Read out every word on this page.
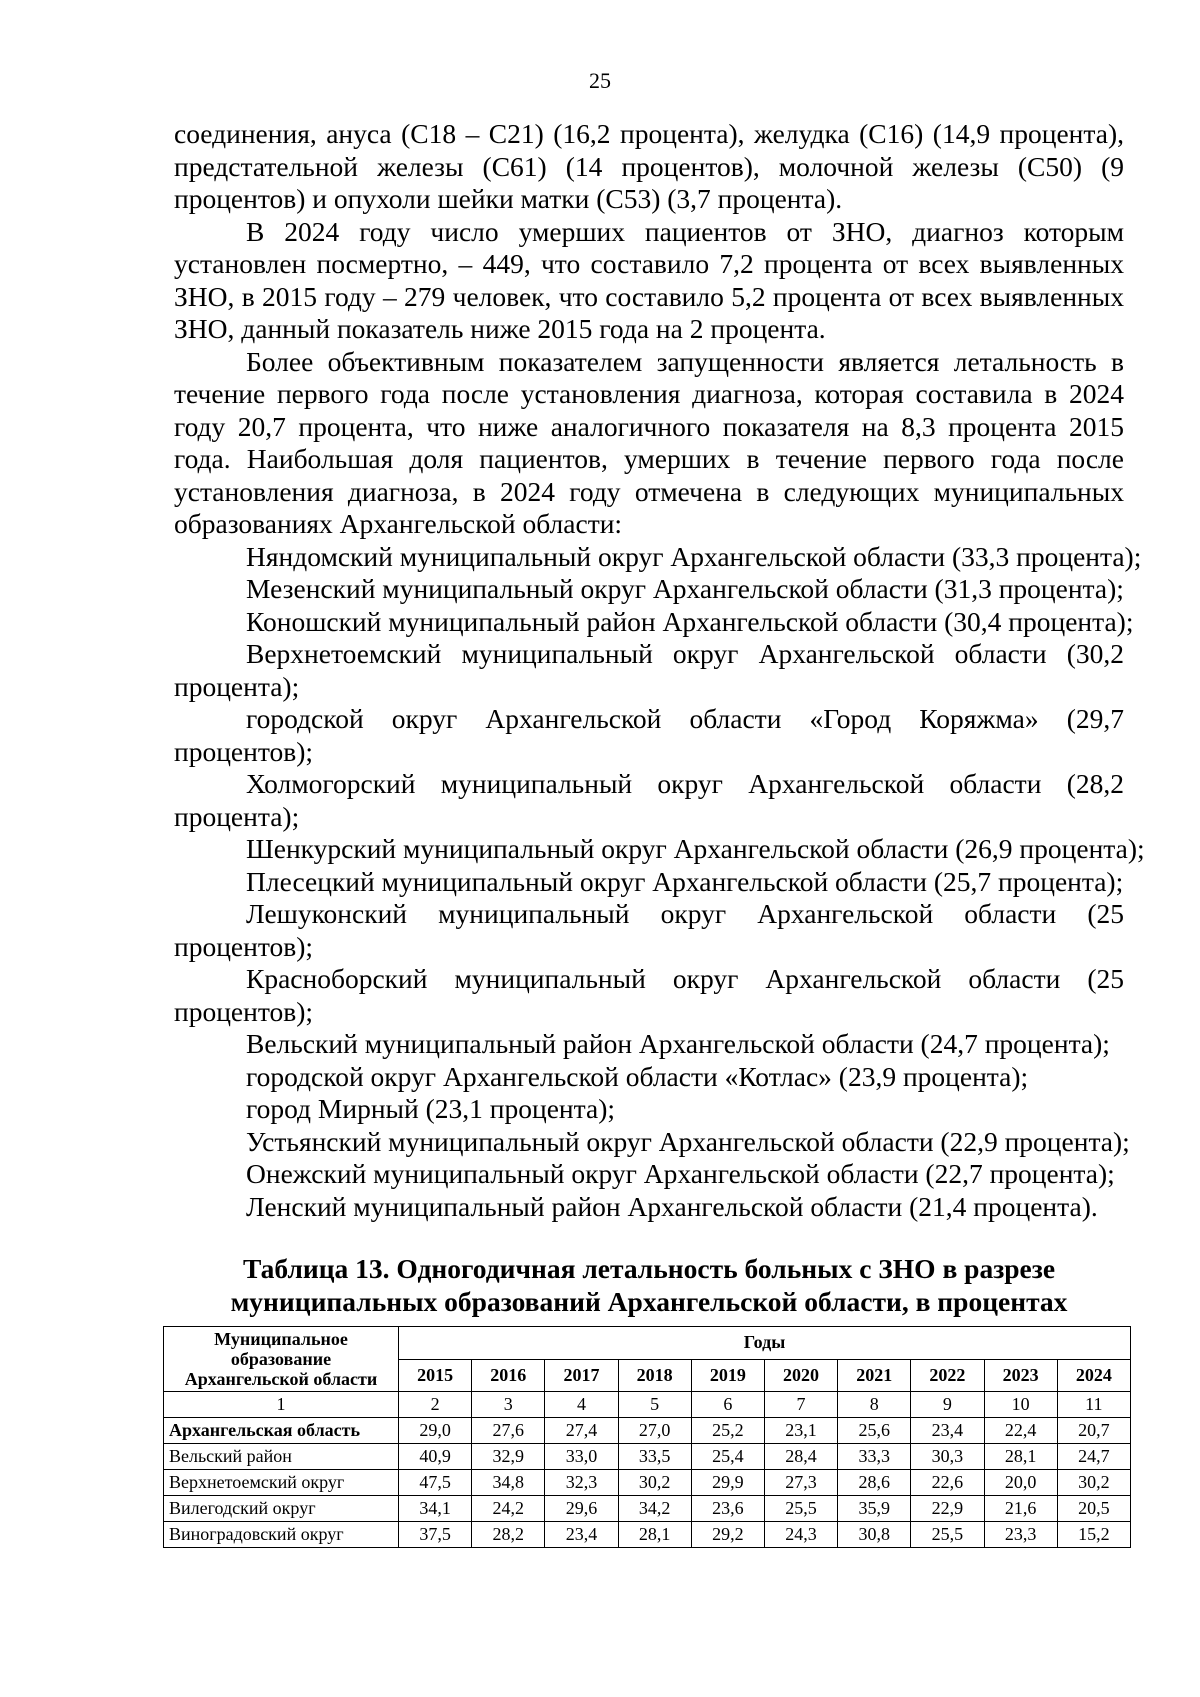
25

соединения, ануса (С18 – С21) (16,2 процента), желудка (С16) (14,9 процента), предстательной железы (С61) (14 процентов), молочной железы (С50) (9 процентов) и опухоли шейки матки (С53) (3,7 процента).

В 2024 году число умерших пациентов от ЗНО, диагноз которым установлен посмертно, – 449, что составило 7,2 процента от всех выявленных ЗНО, в 2015 году – 279 человек, что составило 5,2 процента от всех выявленных ЗНО, данный показатель ниже 2015 года на 2 процента.

Более объективным показателем запущенности является летальность в течение первого года после установления диагноза, которая составила в 2024 году 20,7 процента, что ниже аналогичного показателя на 8,3 процента 2015 года. Наибольшая доля пациентов, умерших в течение первого года после установления диагноза, в 2024 году отмечена в следующих муниципальных образованиях Архангельской области:

Няндомский муниципальный округ Архангельской области (33,3 процента);

Мезенский муниципальный округ Архангельской области (31,3 процента);

Коношский муниципальный район Архангельской области (30,4 процента);

Верхнетоемский муниципальный округ Архангельской области (30,2 процента);

городской округ Архангельской области «Город Коряжма» (29,7 процентов);

Холмогорский муниципальный округ Архангельской области (28,2 процента);

Шенкурский муниципальный округ Архангельской области (26,9 процента);

Плесецкий муниципальный округ Архангельской области (25,7 процента);

Лешуконский муниципальный округ Архангельской области (25 процентов);

Красноборский муниципальный округ Архангельской области (25 процентов);

Вельский муниципальный район Архангельской области (24,7 процента);

городской округ Архангельской области «Котлас» (23,9 процента);

город Мирный (23,1 процента);

Устьянский муниципальный округ Архангельской области (22,9 процента);

Онежский муниципальный округ Архангельской области (22,7 процента);

Ленский муниципальный район Архангельской области (21,4 процента).

Таблица 13. Одногодичная летальность больных с ЗНО в разрезе муниципальных образований Архангельской области, в процентах
Муниципальное образование Архангельской области	Годы									
	2015	2016	2017	2018	2019	2020	2021	2022	2023	2024
1	2	3	4	5	6	7	8	9	10	11
Архангельская область	29,0	27,6	27,4	27,0	25,2	23,1	25,6	23,4	22,4	20,7
Вельский район	40,9	32,9	33,0	33,5	25,4	28,4	33,3	30,3	28,1	24,7
Верхнетоемский округ	47,5	34,8	32,3	30,2	29,9	27,3	28,6	22,6	20,0	30,2
Вилегодский округ	34,1	24,2	29,6	34,2	23,6	25,5	35,9	22,9	21,6	20,5
Виноградовский округ	37,5	28,2	23,4	28,1	29,2	24,3	30,8	25,5	23,3	15,2
